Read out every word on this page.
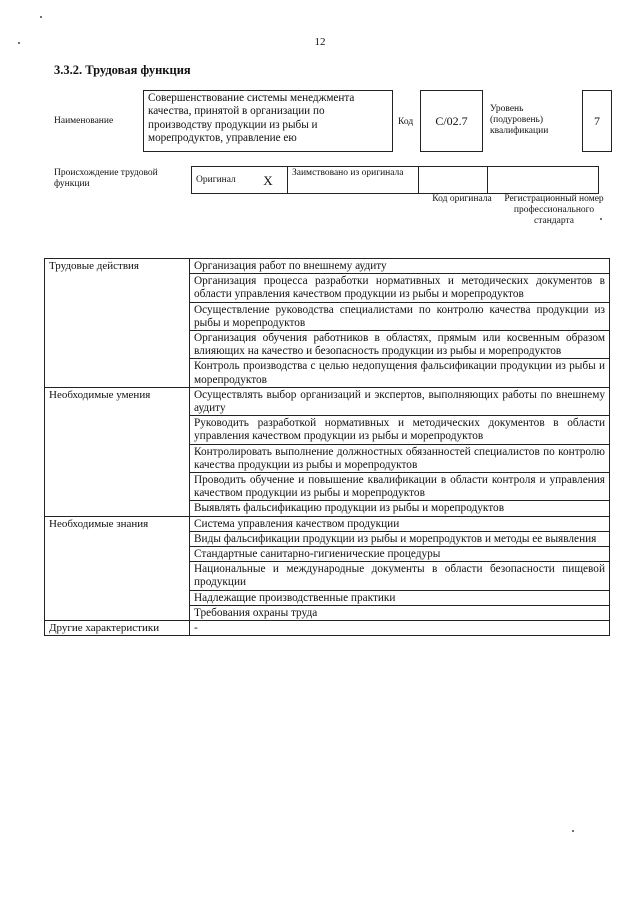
12
3.3.2. Трудовая функция
Наименование
Совершенствование системы менеджмента качества, принятой в организации по производству продукции из рыбы и морепродуктов, управление ею
Код	C/02.7
Уровень (подуровень) квалификации
7
Происхождение трудовой функции	Оригинал	X	Заимствовано из оригинала		
Код оригинала	Регистрационный номер профессионального стандарта
Трудовые действия	Организация работ по внешнему аудиту
	Организация процесса разработки нормативных и методических документов в области управления качеством продукции из рыбы и морепродуктов
	Осуществление руководства специалистами по контролю качества продукции из рыбы и морепродуктов
	Организация обучения работников в областях, прямым или косвенным образом влияющих на качество и безопасность продукции из рыбы и морепродуктов
	Контроль производства с целью недопущения фальсификации продукции из рыбы и морепродуктов
Необходимые умения	Осуществлять выбор организаций и экспертов, выполняющих работы по внешнему аудиту
	Руководить разработкой нормативных и методических документов в области управления качеством продукции из рыбы и морепродуктов
	Контролировать выполнение должностных обязанностей специалистов по контролю качества продукции из рыбы и морепродуктов
	Проводить обучение и повышение квалификации в области контроля и управления качеством продукции из рыбы и морепродуктов
	Выявлять фальсификацию продукции из рыбы и морепродуктов
Необходимые знания	Система управления качеством продукции
	Виды фальсификации продукции из рыбы и морепродуктов и методы ее выявления
	Стандартные санитарно-гигиенические процедуры
	Национальные и международные документы в области безопасности пищевой продукции
	Надлежащие производственные практики
	Требования охраны труда
Другие характеристики	-
